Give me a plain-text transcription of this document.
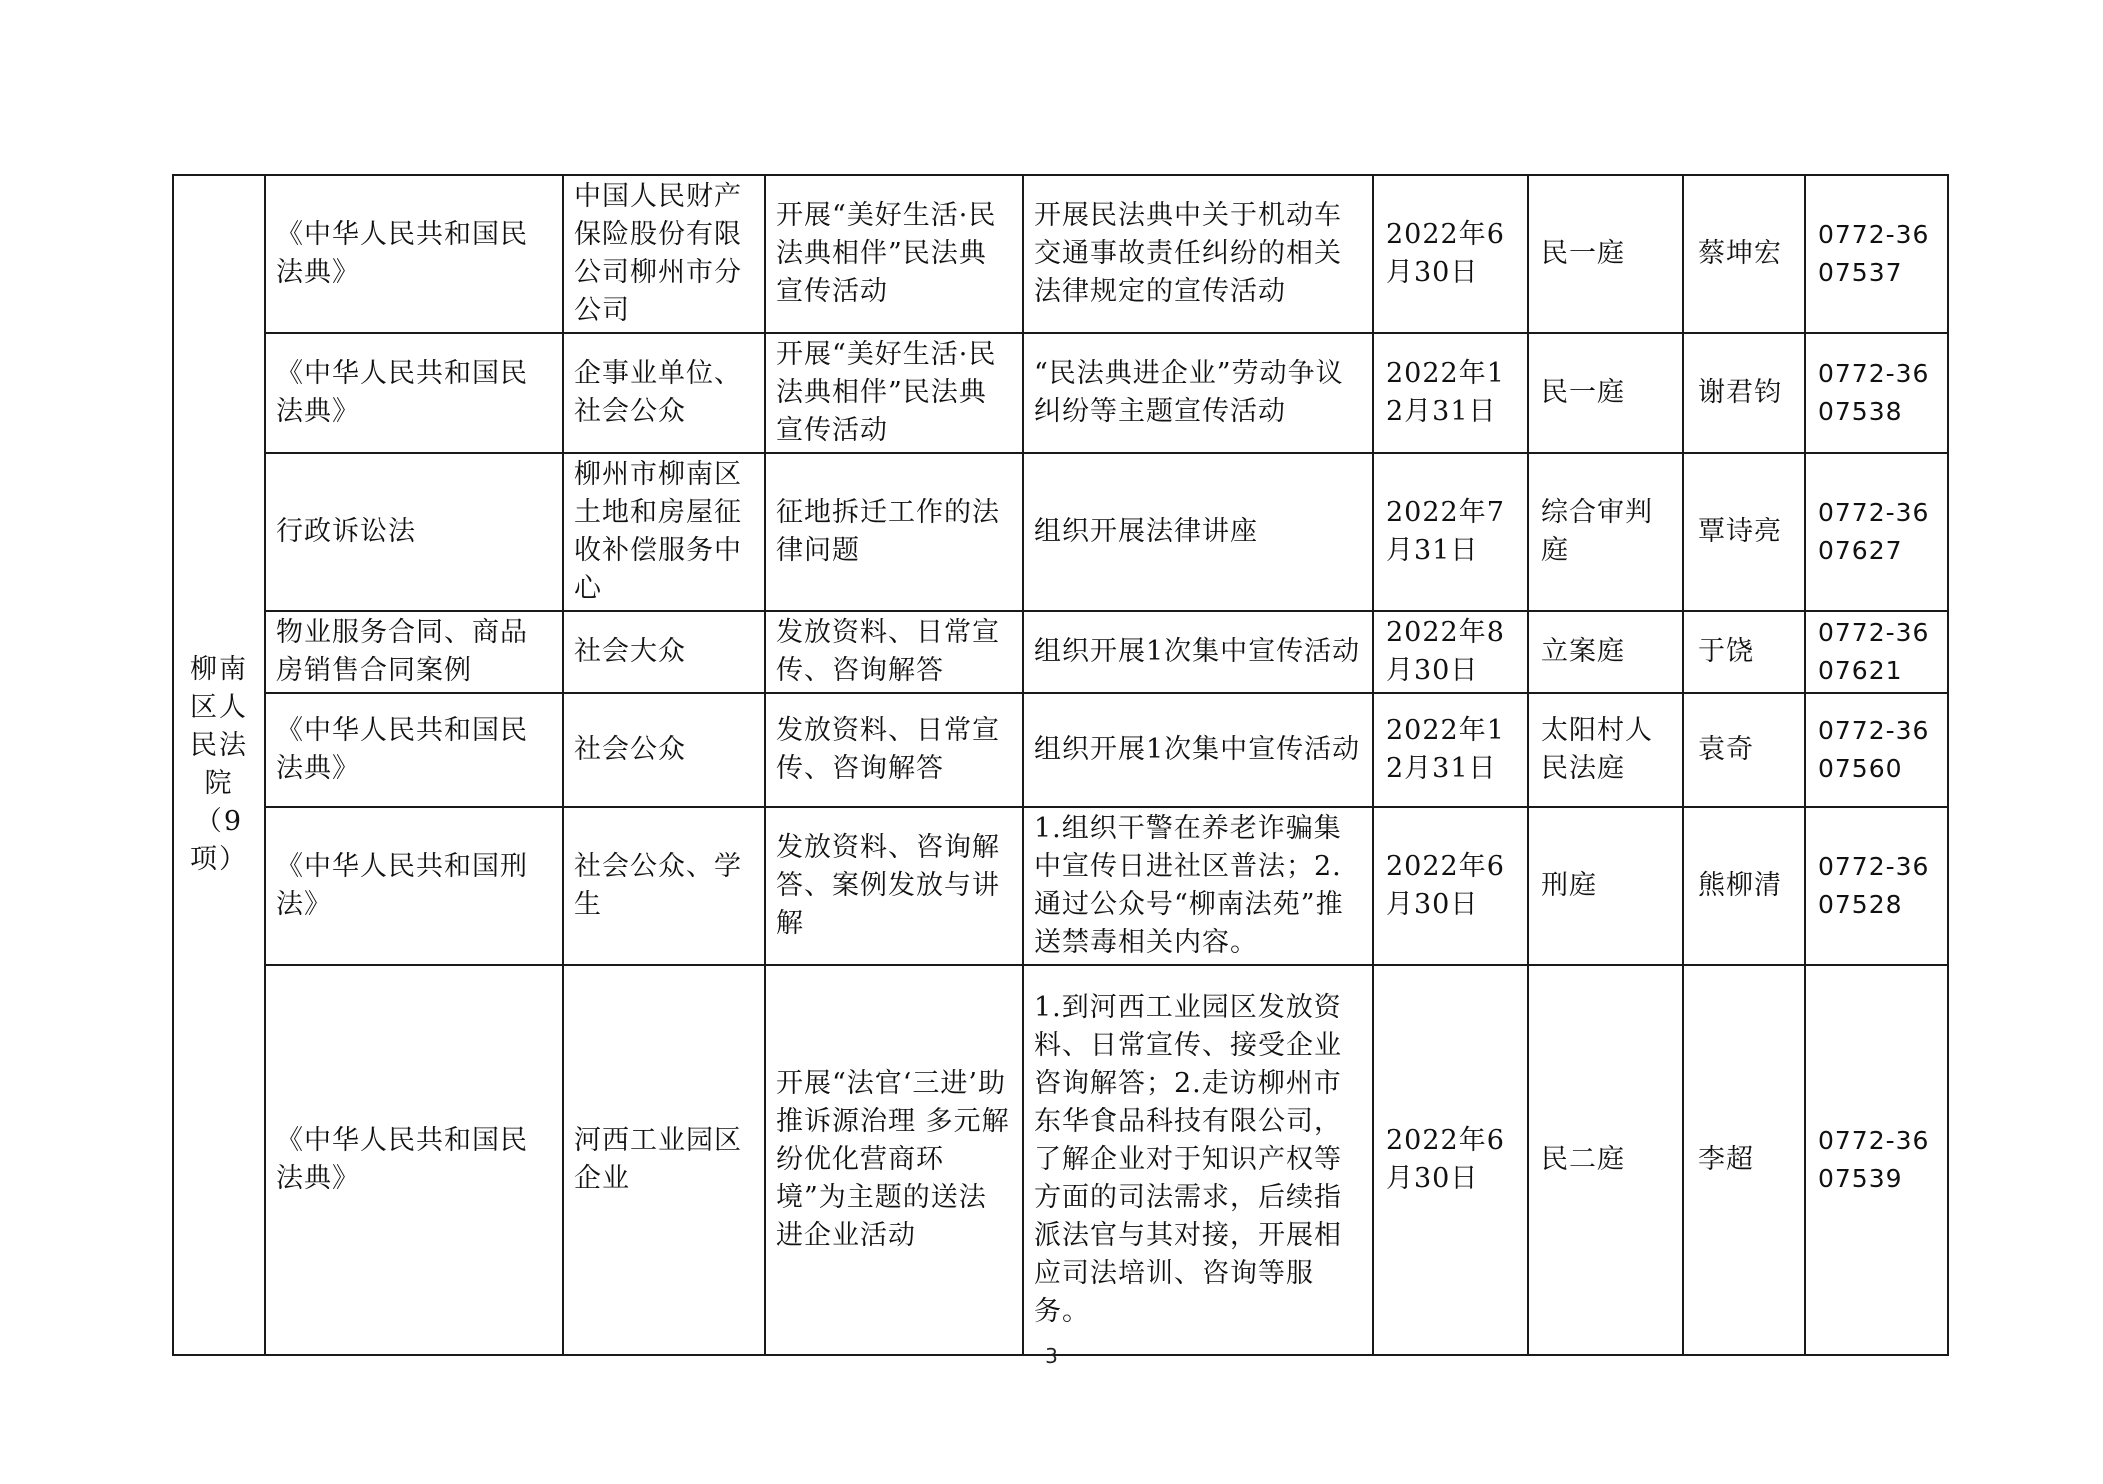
柳南区人民法院（9项）	《中华人民共和国民法典》	中国人民财产保险股份有限公司柳州市分公司	开展“美好生活·民法典相伴”民法典宣传活动	开展民法典中关于机动车交通事故责任纠纷的相关法律规定的宣传活动	2022年6月30日	民一庭	蔡坤宏	0772-3607537
	《中华人民共和国民法典》	企事业单位、社会公众	开展“美好生活·民法典相伴”民法典宣传活动	“民法典进企业”劳动争议纠纷等主题宣传活动	2022年12月31日	民一庭	谢君钧	0772-3607538
	行政诉讼法	柳州市柳南区土地和房屋征收补偿服务中心	征地拆迁工作的法律问题	组织开展法律讲座	2022年7月31日	综合审判庭	覃诗亮	0772-3607627
	物业服务合同、商品房销售合同案例	社会大众	发放资料、日常宣传、咨询解答	组织开展1次集中宣传活动	2022年8月30日	立案庭	于饶	0772-3607621
	《中华人民共和国民法典》	社会公众	发放资料、日常宣传、咨询解答	组织开展1次集中宣传活动	2022年12月31日	太阳村人民法庭	袁奇	0772-3607560
	《中华人民共和国刑法》	社会公众、学生	发放资料、咨询解答、案例发放与讲解	1.组织干警在养老诈骗集中宣传日进社区普法；2.通过公众号“柳南法苑”推送禁毒相关内容。	2022年6月30日	刑庭	熊柳清	0772-3607528
	《中华人民共和国民法典》	河西工业园区企业	开展“法官‘三进’助推诉源治理 多元解纷优化营商环境”为主题的送法进企业活动	1.到河西工业园区发放资料、日常宣传、接受企业咨询解答；2.走访柳州市东华食品科技有限公司，了解企业对于知识产权等方面的司法需求，后续指派法官与其对接，开展相应司法培训、咨询等服务。	2022年6月30日	民二庭	李超	0772-3607539
3
